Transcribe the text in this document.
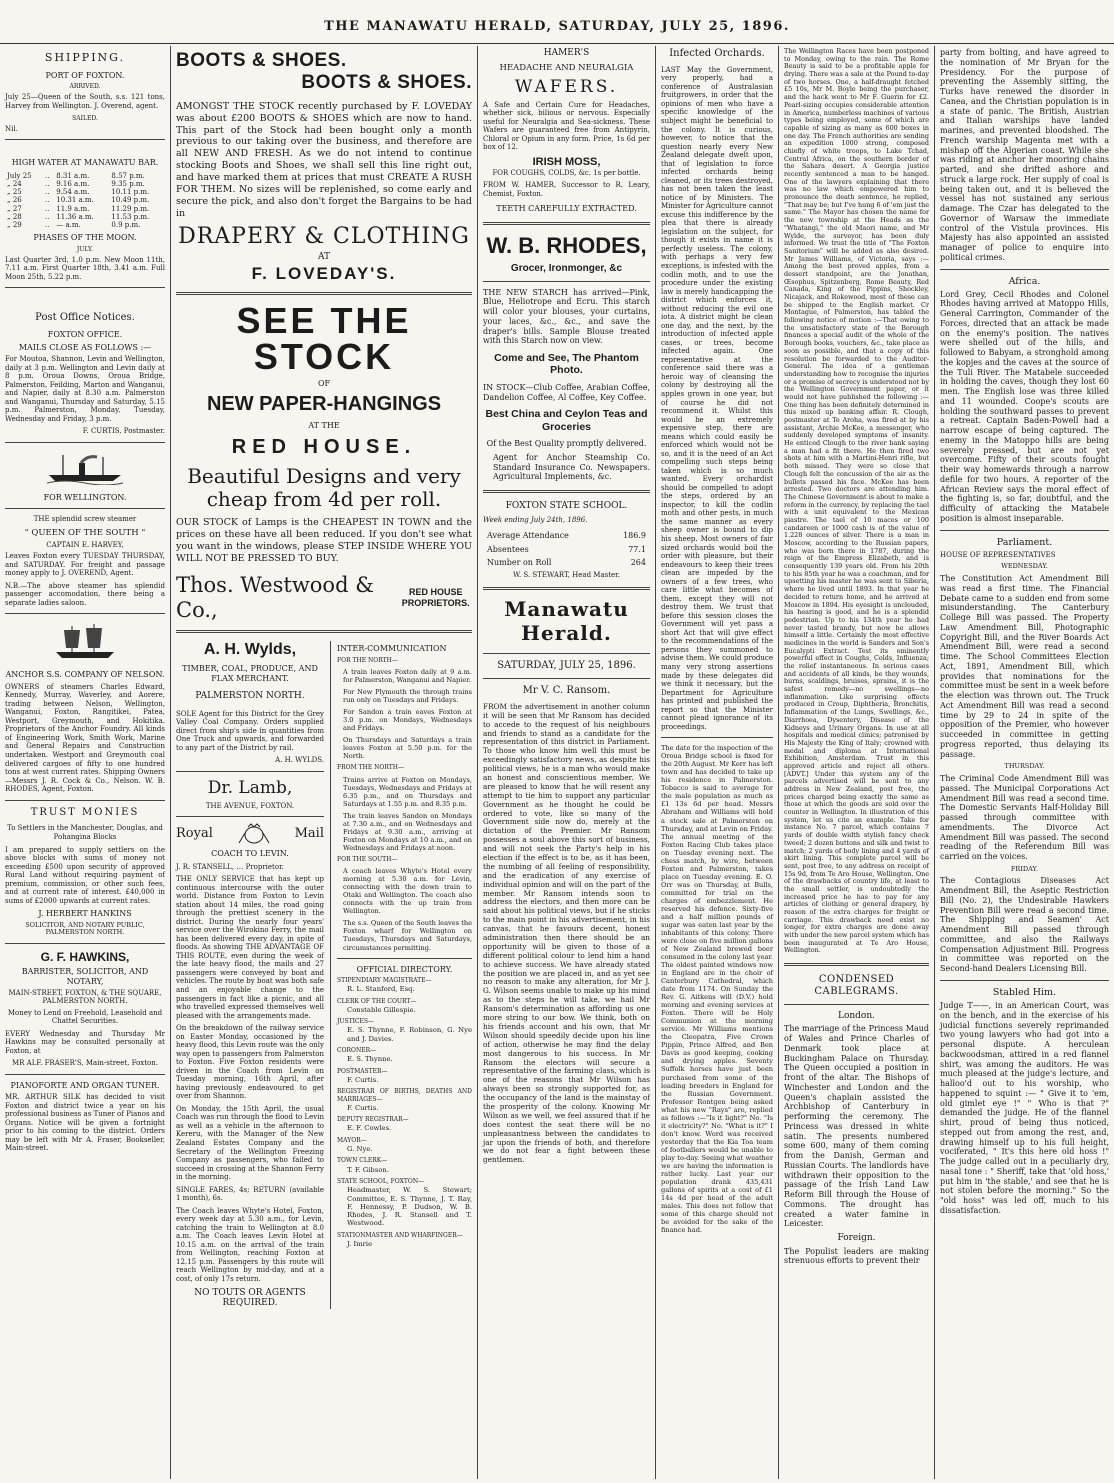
THE MANAWATU HERALD, SATURDAY, JULY 25, 1896.
SHIPPING.
PORT OF FOXTON.
ARRIVED.
July 25—Queen of the South, s.s. 121 tons, Harvey from Wellington. J. Overend, agent.
SAILED.
Nil.
HIGH WATER AT MANAWATU BAR.
July 25	..	8.31 a.m.	8.57 p.m.
„ 24	..	9.16 a.m.	9.35 p.m.
„ 25	..	9.54 a.m.	10.11 p.m.
„ 26	..	10.31 a.m.	10.49 p.m.
„ 27	..	11.9 a.m.	11.29 p.m.
„ 28	..	11.36 a.m.	11.53 p.m.
„ 29	..	— a.m.	0.9 p.m.
PHASES OF THE MOON.
JULY.
Last Quarter 3rd, 1.0 p.m. New Moon 11th, 7.11 a.m. First Quarter 18th, 3.41 a.m. Full Moon 25th, 5.22 p.m.
Post Office Notices.
FOXTON OFFICE.
MAILS CLOSE AS FOLLOWS :—
For Moutoa, Shannon, Levin and Wellington, daily at 3 p.m. Wellington and Levin daily at 8 p.m. Oroua Downs, Oroua Bridge, Palmerston, Feilding, Marton and Wanganui, and Napier, daily at 8.30 a.m. Palmerston and Wanganui, Thursday and Saturday, 5.15 p.m. Palmerston, Monday, Tuesday, Wednesday and Friday, 3 p.m.
F. CURTIS, Postmaster.
FOR WELLINGTON.
THE splendid screw steamer
" QUEEN OF THE SOUTH "
CAPTAIN E. HARVEY,
Leaves Foxton every TUESDAY THURSDAY, and SATURDAY. For freight and passage money apply to J. OVEREND, Agent.
N.B.—The above steamer has splendid passenger accomodation, there being a separate ladies saloon.
ANCHOR S.S. COMPANY OF NELSON.
OWNERS of steamers Charles Edward, Kennedy, Murray, Waverley, and Aorere, trading between Nelson, Wellington, Wanganui, Foxton, Rangitikei, Patea, Westport, Greymouth, and Hokitika. Proprietors of the Anchor Foundry. All kinds of Engineering Work, Smith Work, Marine and General Repairs and Construction undertaken. Westport and Greymouth coal delivered cargoes of fifty to one hundred tons at west current rates. Shipping Owners—Messrs J. R. Cock & Co., Nelson. W. B. RHODES, Agent, Foxton.
TRUST MONIES
To Settlers in the Manchester, Douglas, and Pohangina Blocks
I am prepared to supply settlers on the above blocks with sums of money not exceeding £500 upon security of approved Rural Land without requiring payment of premium, commission, or other such fees, and at current rate of interest. £40,000 in sums of £2000 upwards at current rates.
J. HERBERT HANKINS
SOLICITOR, AND NOTARY PUBLIC, PALMERSTON NORTH.
G. F. HAWKINS,
BARRISTER, SOLICITOR, AND NOTARY,
MAIN-STREET, FOXTON, & THE SQUARE, PALMERSTON NORTH.
Money to Lend on Freehold, Leasehold and Chattel Securities.
EVERY Wednesday and Thursday Mr Hawkins may be consulted personally at Foxton, at
MR ALF. FRASER'S, Main-street, Foxton.
PIANOFORTE AND ORGAN TUNER.
MR. ARTHUR SILK has decided to visit Foxton and district twice a year on his professional business as Tuner of Pianos and Organs. Notice will be given a fortnight prior to his coming to the district. Orders may be left with Mr A. Fraser, Bookseller, Main-street.
BOOTS & SHOES.
BOOTS & SHOES.
AMONGST THE STOCK recently purchased by F. LOVEDAY was about £200 BOOTS & SHOES which are now to hand. This part of the Stock had been bought only a month previous to our taking over the business, and therefore are all NEW AND FRESH. As we do not intend to continue stocking Boots and Shoes, we shall sell this line right out, and have marked them at prices that must CREATE A RUSH FOR THEM. No sizes will be replenished, so come early and secure the pick, and also don't forget the Bargains to be had in
DRAPERY & CLOTHING
AT
F. LOVEDAY'S.
SEE THE STOCK
OF
NEW PAPER-HANGINGS
AT THE
RED HOUSE.
Beautiful Designs and very cheap from 4d per roll.
OUR STOCK of Lamps is the CHEAPEST IN TOWN and the prices on these have all been reduced. If you don't see what you want in the windows, please STEP INSIDE WHERE YOU WILL NOT BE PRESSED TO BUY.
Thos. Westwood & Co.,
RED HOUSE PROPRIETORS.
A. H. Wylds,
TIMBER, COAL, PRODUCE, AND FLAX MERCHANT.
PALMERSTON NORTH.
SOLE Agent for this District for the Grey Valley Coal Company. Orders supplied direct from ship's side in quantities from One Truck and upwards, and forwarded to any part of the District by rail.
A. H. WYLDS.
Dr. Lamb,
THE AVENUE, FOXTON.
Royal	Mail
COACH TO LEVIN.
J. R. STANSELL, … Proprietor.
THE ONLY SERVICE that has kept up continuous intercourse with the outer world. Distance from Foxton to Levin station about 14 miles, the road going through the prettiest scenery in the district. During the nearly four years' service over the Wirokino Ferry, the mail has been delivered every day, in spite of floods. As showing THE ADVANTAGE OF THIS ROUTE, even during the week of the late heavy flood, the mails and 27 passengers were conveyed by boat and vehicles. The route by boat was both safe and an enjoyable change to the passengers in fact like a picnic, and all who travelled expressed themselves well pleased with the arrangements made.
On the breakdown of the railway service on Easter Monday, occasioned by the heavy flood, this Levin route was the only way open to passengers from Palmerston to Foxton. Five Foxton residents were driven in the Coach from Levin on Tuesday morning, 16th April, after having previously endeavoured to get over from Shannon.
On Monday, the 15th April, the usual Coach was run through the flood to Levin as well as a vehicle in the afternoon to Kereru, with the Manager of the New Zealand Estates Company and the Secretary of the Wellington Freezing Company as passengers, who failed to succeed in crossing at the Shannon Ferry in the morning.
SINGLE FARES, 4s; RETURN (available 1 month), 6s.
The Coach leaves Whyte's Hotel, Foxton, every week day at 5.30 a.m., for Levin, catching the train to Wellington at 8.0 a.m. The Coach leaves Levin Hotel at 10.15 a.m. on the arrival of the train from Wellington, reaching Foxton at 12.15 p.m. Passengers by this route will reach Wellington by mid-day, and at a cost, of only 17s return.
NO TOUTS OR AGENTS REQUIRED.
INTER-COMMUNICATION
FOR THE NORTH—
A train leaves Foxton daily at 9 a.m. for Palmerston, Wanganui and Napier.
For New Plymouth the through trains run only on Tuesdays and Fridays.
For Sandon a train eaves Foxton at 3.0 p.m. on Mondays, Wednesdays and Fridays.
On Thursdays and Saturdays a train leaves Foxton at 5.50 p.m. for the North.
FROM THE NORTH—
Trains arrive at Foxton on Mondays, Tuesdays, Wednesdays and Fridays at 6.35 p.m., and on Thursdays and Saturdays at 1.55 p.m. and 8.35 p.m.
The train leaves Sandon on Mondays at 7.30 a.m., and on Wednesdays and Fridays at 9.30 a.m., arriving at Foxton on Mondays at 10 a.m., and on Wednesdays and Fridays at noon.
FOR THE SOUTH—
A coach leaves Whyte's Hotel every morning at 5.30 a.m. for Levin, connecting with the down train to Otaki and Wellington. The coach also connects with the up train from Wellington.
The s.s. Queen of the South leaves the Foxton wharf for Wellington on Tuesdays, Thursdays and Saturdays, circumstances permitting.
OFFICIAL DIRECTORY.
STIPENDIARY MAGISTRATE—
R. L. Stanford, Esq.
CLERK OF THE COURT—
Constable Gillespie.
JUSTICES—
E. S. Thynne, F. Robinson, G. Nye and J. Davies.
CORONER—
E. S. Thynne.
POSTMASTER—
F. Curtis.
REGISTRAR OF BIRTHS, DEATHS AND MARRIAGES—
F. Curtis.
DEPUTY REGISTRAR—
E. F. Cowles.
MAYOR—
G. Nye.
TOWN CLERK—
T. F. Gibson.
STATE SCHOOL, FOXTON—
Headmaster, W. S. Stewart; Committee, E. S. Thynne, J. T. Ray, F. Hennessy, P. Dudson, W. B. Rhodes, J. R. Stansell and T. Westwood.
STATIONMASTER AND WHARFINGER—
J. Imrie
HAMER'S
HEADACHE AND NEURALGIA
WAFERS.
A Safe and Certain Cure for Headaches, whether sick, bilious or nervous. Especially useful for Neuralgia and Sea-sickness. These Wafers are guaranteed free from Antipyrin, Chloral or Opium in any form. Price, 1s 6d per box of 12.
IRISH MOSS,
FOR COUGHS, COLDS, &c. 1s per bottle.
FROM W. HAMER, Successor to R. Leary, Chemist, Foxton.
TEETH CAREFULLY EXTRACTED.
W. B. RHODES,
Grocer, Ironmonger, &c
THE NEW STARCH has arrived—Pink, Blue, Heliotrope and Ecru. This starch will color your blouses, your curtains, your laces, &c., &c., and save the draper's bills. Sample Blouse treated with this Starch now on view.
Come and See, The Phantom Photo.
IN STOCK—Club Coffee, Arabian Coffee, Dandelion Coffee, Al Coffee, Key Coffee.
Best China and Ceylon Teas and Groceries
Of the Best Quality promptly delivered.
Agent for Anchor Steamship Co. Standard Insurance Co. Newspapers. Agricultural Implements, &c.
FOXTON STATE SCHOOL.
Week ending July 24th, 1896.
Average Attendance	186.9
Absentees	77.1
Number on Roll	264
W. S. STEWART, Head Master.
Manawatu Herald.
SATURDAY, JULY 25, 1896.
Mr V. C. Ransom.
FROM the advertisement in another column it will be seen that Mr Ransom has decided to accede to the request of his neighbours and friends to stand as a candidate for the representation of this district in Parliament. To those who know him well this must be exceedingly satisfactory news, as despite his political views, he is a man who would make an honest and conscientious member. We are pleased to know that he will resent any attempt to tie him to support any particular Government as he thought he could be ordered to vote, like so many of the Government side now do, merely at the dictation of the Premier. Mr Ransom possesses a soul above this sort of business, and will not seek the Party's help in his election if the effect is to be, as it has been, the numbing of all feeling of responsibility, and the eradication of any exercise of individual opinion and will on the part of the member. Mr Ransom intends soon to address the electors, and then more can be said about his political views, but if he sticks to the main point in his advertisement, in his canvas, that he favours decent, honest administration then there should be an opportunity will be given to those of a different political colour to lend him a hand to achieve success. We have already stated the position we are placed in, and as yet see no reason to make any alteration, for Mr J. G. Wilson seems unable to make up his mind as to the steps he will take, we hail Mr Ransom's determination as affording us one more string to our bow. We think, both on his friends account and his own, that Mr Wilson should speedily decide upon his line of action, otherwise he may find the delay most dangerous to his success. In Mr Ransom the electors will secure a representative of the farming class, which is one of the reasons that Mr Wilson has always been so strongly supported for, as the occupancy of the land is the mainstay of the prosperity of the colony. Knowing Mr Wilson as we well, we feel assured that if he does contest the seat there will be no unpleasantness between the candidates to jar upon the friends of both, and therefore we do not fear a fight between these gentlemen.
Infected Orchards.
LAST May the Government, very properly, had a conference of Australasian fruitgrowers, in order that the opinions of men who have a specific knowledge of the subject might be beneficial to the colony. It is curious, however, to notice that the question nearly every New Zealand delegate dwelt upon, that of legislation to force infected orchards being cleaned, or its trees destroyed, has not been taken the least notice of by Ministers. The Minister for Agriculture cannot excuse this indifference by the plea that there is already legislation on the subject, for though it exists in name it is perfectly useless. The colony, with perhaps a very few exceptions, is infested with the codlin moth, and to use the procedure under the existing law is merely handicapping the district which enforces it, without reducing the evil one iota. A district might be clean one day, and the next, by the introduction of infected apple cases, or trees, become infected again. One representative at the conference said there was a heroic way of cleansing the colony by destroying all the apples grown in one year, but of course he did not recommend it. Whilst this would be an extremely expensive step, there are means which could easily be enforced which would not be so, and it is the need of an Act compelling such steps being taken which is so much wanted. Every orchardist should be compelled to adopt the steps, ordered by an inspector, to kill the codlin moth and other pests, in much the same manner as every sheep owner is bound to dip his sheep. Most owners of fair sized orchards would boil the order with pleasure, but their endeavours to keep their trees clean are impeded by the owners of a few trees, who care little what becomes of them, except they will not destroy them. We trust that before this session closes the Government will yet pass a short Act that will give effect to the recommendations of the persons they summoned to advise them. We could produce many very strong assertions made by these delegates did we think it necessary, but the Department for Agriculture has printed and published the report so that the Minister cannot plead ignorance of its proceedings.
The date for the inspection of the Oroua Bridge school is fixed for the 20th August. Mr Kerr has left town and has decided to take up his residence in Palmerston. Tobacco is said to average for the male population as much as £1 13s 6d per head. Messrs Abraham and Williams will hold a stock sale at Palmerston on Thursday, and at Levin on Friday. The annual meeting of the Foxton Racing Club takes place on Tuesday evening next. The chess match, by wire, between Foxton and Palmerston, takes place on Tuesday evening. E. O. Orr was on Thursday, at Bulls, committed for trial on the charges of embezzlement. He reserved his defence. Sixty-five and a half million pounds of sugar was eaten last year by the inhabitants of this colony. There were close on five million gallons of New Zealand brewed beer consumed in the colony last year. The oldest painted windows now in England are in the choir of Canterbury Cathedral, which date from 1174. On Sunday the Rev. G. Aitkens will (D.V.) hold morning and evening services at Foxton. There will be Holy Communion at the morning service. Mr Williams mentions the Cleopatra, Five Crown Pippin, Prince Alfred, and Ben Davis as good keeping, cooking and drying apples. Seventy Suffolk horses have just been purchased from some of the leading breeders in England for the Russian Government. Professor Rontgen being asked what his new "Rays" are, replied as follows :—"Is it light?" No. "Is it electricity?" No. "What is it?" I don't know. Word was received yesterday that the Kia Toa team of footballers would be unable to play to-day. Seeing what weather we are having the information is rather lucky. Last year our population drank 435,431 gallons of spirits at a cost of £1 14s 4d per head of the adult males. This does not follow that some of this charge should not be avoided for the sake of the finance had.
The Wellington Races have been postponed to Monday, owing to the rain. The Rome Beauty is said to be a profitable apple for drying. There was a sale at the Pound to-day of two horses. One, a half-draught fetched £5 10s, Mr M. Boyle being the purchaser, and the hack went to Mr F. Guerin for £2. Pearl-sizing occupies considerable attention in America, numberless machines of various types being employed, some of which are capable of sizing as many as 600 boxes in one day. The French authorities are sending an expedition 1000 strong, composed chiefly of white troops, to Lake Tchad, Central Africa, on the southern border of the Sahara desert. A Georgia justice recently sentenced a man to be hanged. One of the lawyers explaining that there was no law which empowered him to pronounce the death sentence, he replied, "That may be; but I've hung 6 of 'em just the same." The Mayor has chosen the name for the new township at the Heads as the "Whatangi," the old Maori name, and Mr Wylde, the surveyor, has been duly informed. We trust the title of "The Foxton Sanitorium" will be added as also desired. Mr James Williams, of Victoria, says :—Among the best proved apples, from a dessert standpoint, are the Jonathan, Œsophus, Spitzenberg, Rome Beauty, Red Canada, King of the Pippins, Shockley, Nicajack, and Rokewood, most of these can be shipped to the English market. Cr Montague, of Palmerston, has tabled the following notice of motion :—That owing to the unsatisfactory state of the Borough finances a special audit of the whole of the Borough books, vouchers, &c., take place as soon as possible, and that a copy of this resolution be forwarded to the Auditor-General. The idea of a gentleman understanding how to recognise the injuries or a promise of secrecy is understood not by the Wellington Government paper, or it would not have published the following :—One thing has been definitely determined in this mixed up banking affair. R. Clough, postmaster at Te Aroha, was fired at by his assistant, Archie McKee, a messenger, who suddenly developed symptoms of insanity. He enticed Clough to the river bank saying a man had a fit there. He then fired two shots at him with a Martini-Henri rifle, but both missed. They were so close that Clough felt the concussion of the air as the bullets passed his face. McKee has been arrested. Two doctors are attending him. The Chinese Government is about to make a reform in the currency, by replacing the tael with a unit equivalent to the Mexican piastre. The tael of 10 maces or 100 candareen or 1000 cash is of the value of 1.228 ounces of silver. There is a man in Moscow, according to the Russian papers, who was born there in 1787, during the reign of the Empress Elizabeth, and is consequently 139 years old. From his 20th to his 85th year he was a coachman, and for upsetting his master he was sent to Siberia, where he lived until 1893. In that year he decided to return home, and he arrived at Moscow in 1894. His eyesight is unclouded, his hearing is good, and he is a splendid pedestrian. Up to his 134th year he had never tasted brandy, but now he allows himself a little. Certainly the most effective medicines in the world is Sanders and Son's Eucalypti Extract. Test its eminently powerful effect in Coughs, Colds, Influenza; the relief instantaneous. In serious cases and accidents of all kinds, be they wounds, burns, scaldings, bruises, sprains, it is the safest remedy—no swellings—no inflammation. Like surprising effects produced in Croup, Diphtheria, Bronchitis, Inflammation of the Lungs, Swellings, &c., Diarrhoea, Dysentery, Disease of the Kidneys and Urinary Organs. In use at all hospitals and medical clinics; patronised by His Majesty the King of Italy; crowned with medal and diploma at International Exhibition, Amsterdam. Trust in this approved article and reject all others. [ADVT.] Under this system any of the parcels advertised will be sent to any address in New Zealand, post free, the prices charged being exactly the same as those at which the goods are sold over the counter in Wellington. In illustration of this system, let us cite an example. Take for instance No. 7 parcel, which contains 7 yards of double width stylish fancy check tweed; 2 dozen buttons and silk and twist to match; 2 yards of body lining and 4 yards of skirt lining. This complete parcel will be sent, post free, to any address on receipt of 15s 9d, from Te Aro House, Wellington. One of the drawbacks of country life, at least to the small settler, is undoubtedly the increased price he has to pay for any articles of clothing or general drapery, by reason of the extra charges for freight or carriage. This drawback need exist no longer, for extra charges are done away with under the new parcel system which has been inaugurated at Te Aro House, Wellington.
CONDENSED CABLEGRAMS.
London.
The marriage of the Princess Maud of Wales and Prince Charles of Denmark took place at Buckingham Palace on Thursday. The Queen occupied a position in front of the altar. The Bishops of Winchester and London and the Queen's chaplain assisted the Archbishop of Canterbury in performing the ceremony. The Princess was dressed in white satin. The presents numbered some 600, many of them coming from the Danish, German and Russian Courts. The landlords have withdrawn their opposition to the passage of the Irish Land Law Reform Bill through the House of Commons. The drought has created a water famine in Leicester.
Foreign.
The Populist leaders are making strenuous efforts to prevent their
party from bolting, and have agreed to the nomination of Mr Bryan for the Presidency. For the purpose of preventing the Assembly sitting, the Turks have renewed the disorder in Canea, and the Christian population is in a state of panic. The British, Austrian and Italian warships have landed marines, and prevented bloodshed. The French warship Magenta met with a mishap off the Algerian coast. While she was riding at anchor her mooring chains parted, and she drifted ashore and struck a large rock. Her supply of coal is being taken out, and it is believed the vessel has not sustained any serious damage. The Czar has delegated to the Governor of Warsaw the immediate control of the Vistula provinces. His Majesty has also appointed an assisted manager of police to enquire into political crimes.
Africa.
Lord Grey, Cecil Rhodes and Colonel Rhodes having arrived at Matoppo Hills, General Carrington, Commander of the Forces, directed that an attack be made on the enemy's position. The natives were shelled out of the hills, and followed to Babyam, a stronghold among the kopjes and the caves at the source of the Tuli River. The Matabele succeeded in holding the caves, though they lost 60 men. The English lose was three killed and 11 wounded. Coope's scouts are holding the southward passes to prevent a retreat. Captain Baden-Powell had a narrow escape of being captured. The enemy in the Matoppo hills are being severely pressed, but are not yet overcome. Fifty of their scouts fought their way homewards through a narrow defile for two hours. A reporter of the African Review says the moral effect of the fighting is, so far, doubtful, and the difficulty of attacking the Matabele position is almost inseparable.
Parliament.
HOUSE OF REPRESENTATIVES
WEDNESDAY.
The Constitution Act Amendment Bill was read a first time. The Financial Debate came to a sudden end from some misunderstanding. The Canterbury College Bill was passed. The Property Law Amendment Bill, Photographic Copyright Bill, and the River Boards Act Amendment Bill, were read a second time. The School Committees Election Act, 1891, Amendment Bill, which provides that nominations for the committee must be sent in a week before the election was thrown out. The Truck Act Amendment Bill was read a second time by 29 to 24 in spite of the opposition of the Premier, who however succeeded in committee in getting progress reported, thus delaying its passage.
THURSDAY.
The Criminal Code Amendment Bill was passed. The Municipal Corporations Act Amendment Bill was read a second time. The Domestic Servants Half-Holiday Bill passed through committee with amendments. The Divorce Act Amendment Bill was passed. The second reading of the Referendum Bill was carried on the voices.
FRIDAY.
The Contagious Diseases Act Amendment Bill, the Aseptic Restriction Bill (No. 2), the Undesirable Hawkers Prevention Bill were read a second time. The Shipping and Seamen' Act Amendment Bill passed through committee, and also the Railways Compensation Adjustment Bill. Progress in committee was reported on the Second-hand Dealers Licensing Bill.
Stabled Him.
Judge T——, in an American Court, was on the bench, and in the exercise of his judicial functions severely reprimanded two young lawyers who had got into a personal dispute. A herculean backwoodsman, attired in a red flannel shirt, was among the auditors. He was much pleased at the judge's lecture, and halloo'd out to his worship, who happened to squint :— " Give it to 'em, old gimlet eye !" " Who is that ?" demanded the judge. He of the flannel shirt, proud of being thus noticed, stepped out from among the rest, and, drawing himself up to his full height, vociferated, " It's this here old hoss !" The judge called out in a peculiarly dry, nasal tone : " Sheriff, take that 'old hoss,' put him in 'the stable,' and see that he is not stolen before the morning." So the "old hoss" was led off, much to his dissatisfaction.
